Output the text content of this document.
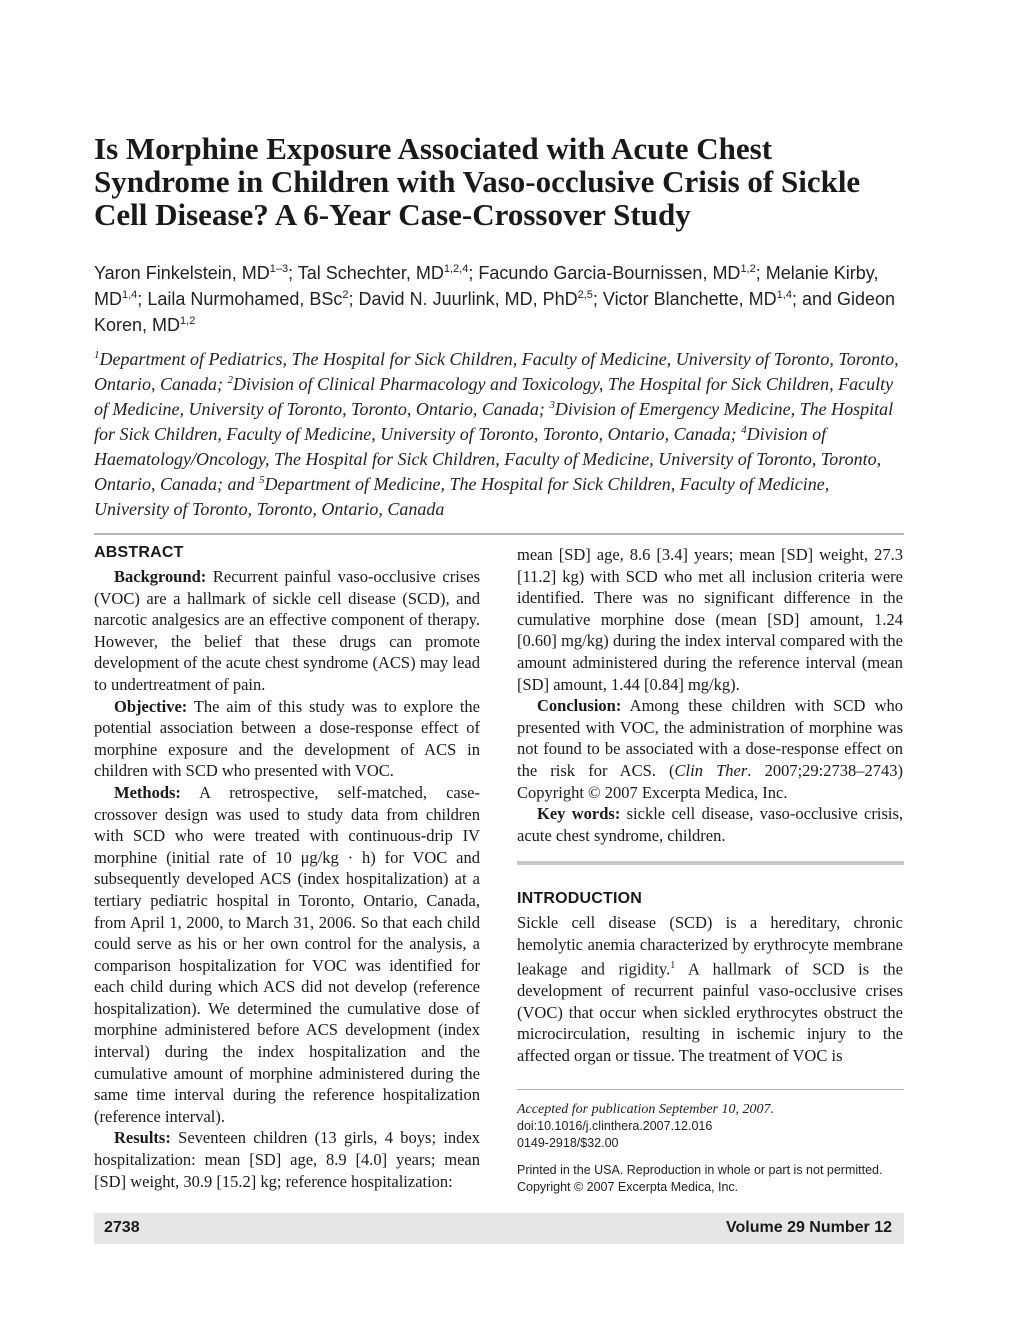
Is Morphine Exposure Associated with Acute Chest Syndrome in Children with Vaso-occlusive Crisis of Sickle Cell Disease? A 6-Year Case-Crossover Study
Yaron Finkelstein, MD$^{1-3}$; Tal Schechter, MD$^{1,2,4}$; Facundo Garcia-Bournissen, MD$^{1,2}$; Melanie Kirby, MD$^{1,4}$; Laila Nurmohamed, BSc$^2$; David N. Juurlink, MD, PhD$^{2,5}$; Victor Blanchette, MD$^{1,4}$; and Gideon Koren, MD$^{1,2}$
$^1$Department of Pediatrics, The Hospital for Sick Children, Faculty of Medicine, University of Toronto, Toronto, Ontario, Canada; $^2$Division of Clinical Pharmacology and Toxicology, The Hospital for Sick Children, Faculty of Medicine, University of Toronto, Toronto, Ontario, Canada; $^3$Division of Emergency Medicine, The Hospital for Sick Children, Faculty of Medicine, University of Toronto, Toronto, Ontario, Canada; $^4$Division of Haematology/Oncology, The Hospital for Sick Children, Faculty of Medicine, University of Toronto, Toronto, Ontario, Canada; and $^5$Department of Medicine, The Hospital for Sick Children, Faculty of Medicine, University of Toronto, Toronto, Ontario, Canada
ABSTRACT

Background: Recurrent painful vaso-occlusive crises (VOC) are a hallmark of sickle cell disease (SCD), and narcotic analgesics are an effective component of therapy. However, the belief that these drugs can promote development of the acute chest syndrome (ACS) may lead to undertreatment of pain.

Objective: The aim of this study was to explore the potential association between a dose-response effect of morphine exposure and the development of ACS in children with SCD who presented with VOC.

Methods: A retrospective, self-matched, case-crossover design was used to study data from children with SCD who were treated with continuous-drip IV morphine (initial rate of 10 μg/kg · h) for VOC and subsequently developed ACS (index hospitalization) at a tertiary pediatric hospital in Toronto, Ontario, Canada, from April 1, 2000, to March 31, 2006. So that each child could serve as his or her own control for the analysis, a comparison hospitalization for VOC was identified for each child during which ACS did not develop (reference hospitalization). We determined the cumulative dose of morphine administered before ACS development (index interval) during the index hospitalization and the cumulative amount of morphine administered during the same time interval during the reference hospitalization (reference interval).

Results: Seventeen children (13 girls, 4 boys; index hospitalization: mean [SD] age, 8.9 [4.0] years; mean [SD] weight, 30.9 [15.2] kg; reference hospitalization:

mean [SD] age, 8.6 [3.4] years; mean [SD] weight, 27.3 [11.2] kg) with SCD who met all inclusion criteria were identified. There was no significant difference in the cumulative morphine dose (mean [SD] amount, 1.24 [0.60] mg/kg) during the index interval compared with the amount administered during the reference interval (mean [SD] amount, 1.44 [0.84] mg/kg).

Conclusion: Among these children with SCD who presented with VOC, the administration of morphine was not found to be associated with a dose-response effect on the risk for ACS. (Clin Ther. 2007;29:2738–2743) Copyright © 2007 Excerpta Medica, Inc.

Key words: sickle cell disease, vaso-occlusive crisis, acute chest syndrome, children.

INTRODUCTION

Sickle cell disease (SCD) is a hereditary, chronic hemolytic anemia characterized by erythrocyte membrane leakage and rigidity.$^1$ A hallmark of SCD is the development of recurrent painful vaso-occlusive crises (VOC) that occur when sickled erythrocytes obstruct the microcirculation, resulting in ischemic injury to the affected organ or tissue. The treatment of VOC is

Accepted for publication September 10, 2007.
doi:10.1016/j.clinthera.2007.12.016
0149-2918/$32.00
Printed in the USA. Reproduction in whole or part is not permitted.
Copyright © 2007 Excerpta Medica, Inc.
2738	Volume 29 Number 12
